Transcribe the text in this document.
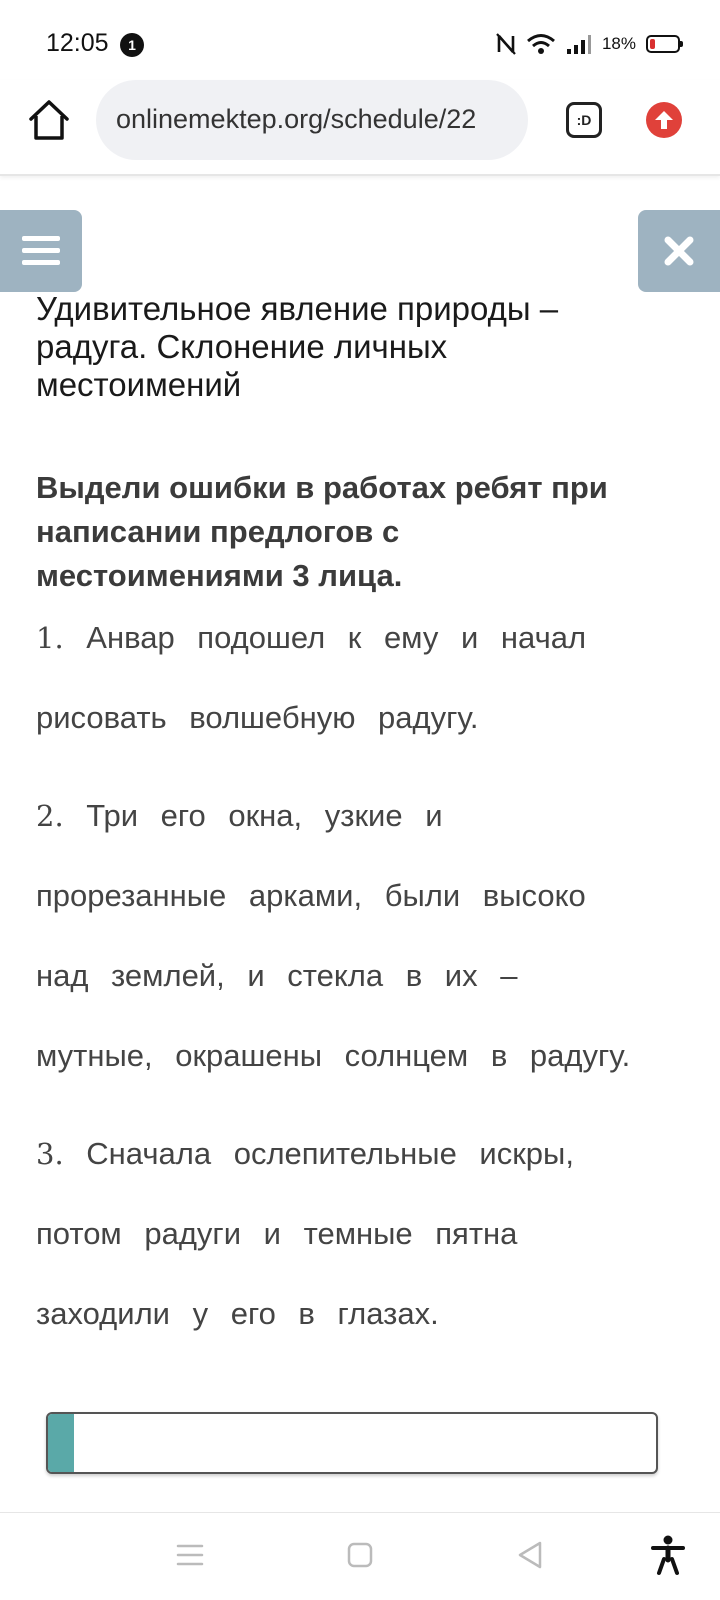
12:05	1	18%
onlinemektep.org/schedule/22	:D
Удивительное явление природы –
радуга. Склонение личных
местоимений
Выдели ошибки в работах ребят при
написании предлогов с
местоимениями 3 лица.
1. Анвар подошел к ему и начал
рисовать волшебную радугу.
2. Три его окна, узкие и
прорезанные арками, были высоко
над землей, и стекла в их –
мутные, окрашены солнцем в радугу.
3. Сначала ослепительные искры,
потом радуги и темные пятна
заходили у его в глазах.
